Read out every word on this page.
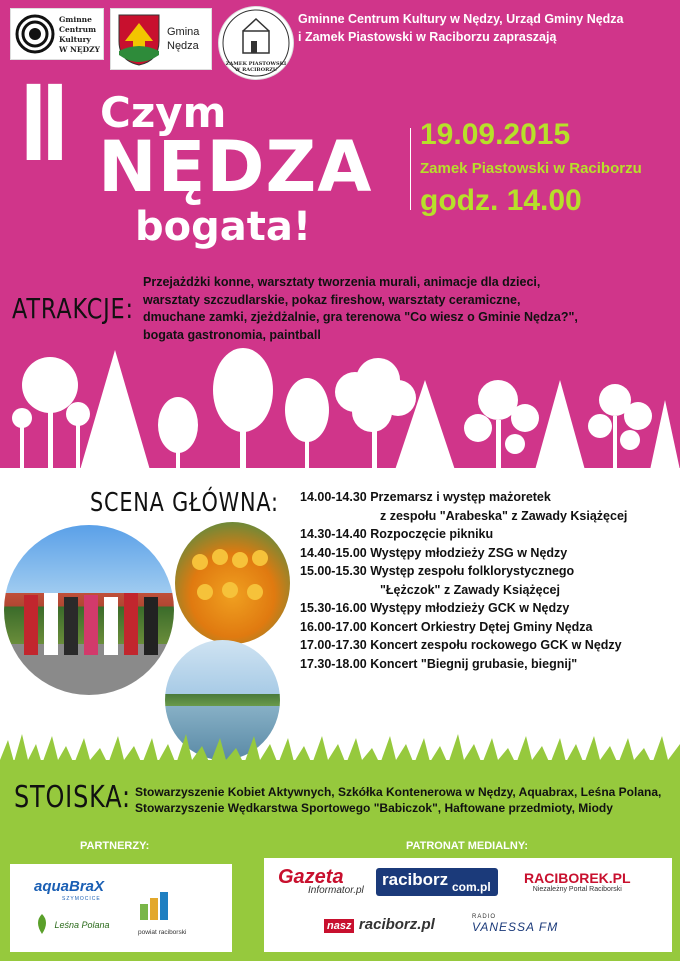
Gminne Centrum Kultury W NĘDZY
Gmina Nędza
ZAMEK PIASTOWSKI W RACIBORZU
Gminne Centrum Kultury w Nędzy, Urząd Gminy Nędza
i Zamek Piastowski w Raciborzu zapraszają
II Czym
NĘDZA
bogata!
19.09.2015
Zamek Piastowski w Raciborzu
godz. 14.00
ATRAKCJE:
Przejażdżki konne, warsztaty tworzenia murali, animacje dla dzieci,
warsztaty szczudlarskie, pokaz fireshow, warsztaty ceramiczne,
dmuchane zamki, zjeżdżalnie, gra terenowa "Co wiesz o Gminie Nędza?",
bogata gastronomia, paintball
SCENA GŁÓWNA: 14.00-14.30 Przemarsz i występ mażoretek
z zespołu "Arabeska" z Zawady Książęcej
14.30-14.40 Rozpoczęcie pikniku
14.40-15.00 Występy młodzieży ZSG w Nędzy
15.00-15.30 Występ zespołu folklorystycznego
"Łężczok" z Zawady Książęcej
15.30-16.00 Występy młodzieży GCK w Nędzy
16.00-17.00 Koncert Orkiestry Dętej Gminy Nędza
17.00-17.30 Koncert zespołu rockowego GCK w Nędzy
17.30-18.00 Koncert "Biegnij grubasie, biegnij"
STOISKA: Stowarzyszenie Kobiet Aktywnych, Szkółka Kontenerowa w Nędzy, Aquabrax, Leśna Polana,
Stowarzyszenie Wędkarstwa Sportowego "Babiczok", Haftowane przedmioty, Miody
PARTNERZY:	PATRONAT MEDIALNY:
aquaBraX
SZYMOCICE
Leśna Polana
powiat raciborski
Gazeta
Informator.pl
raciborz com.pl
RACIBOREK.PL
Niezależny Portal Raciborski
nasz raciborz.pl	RADIO
VANESSA FM
